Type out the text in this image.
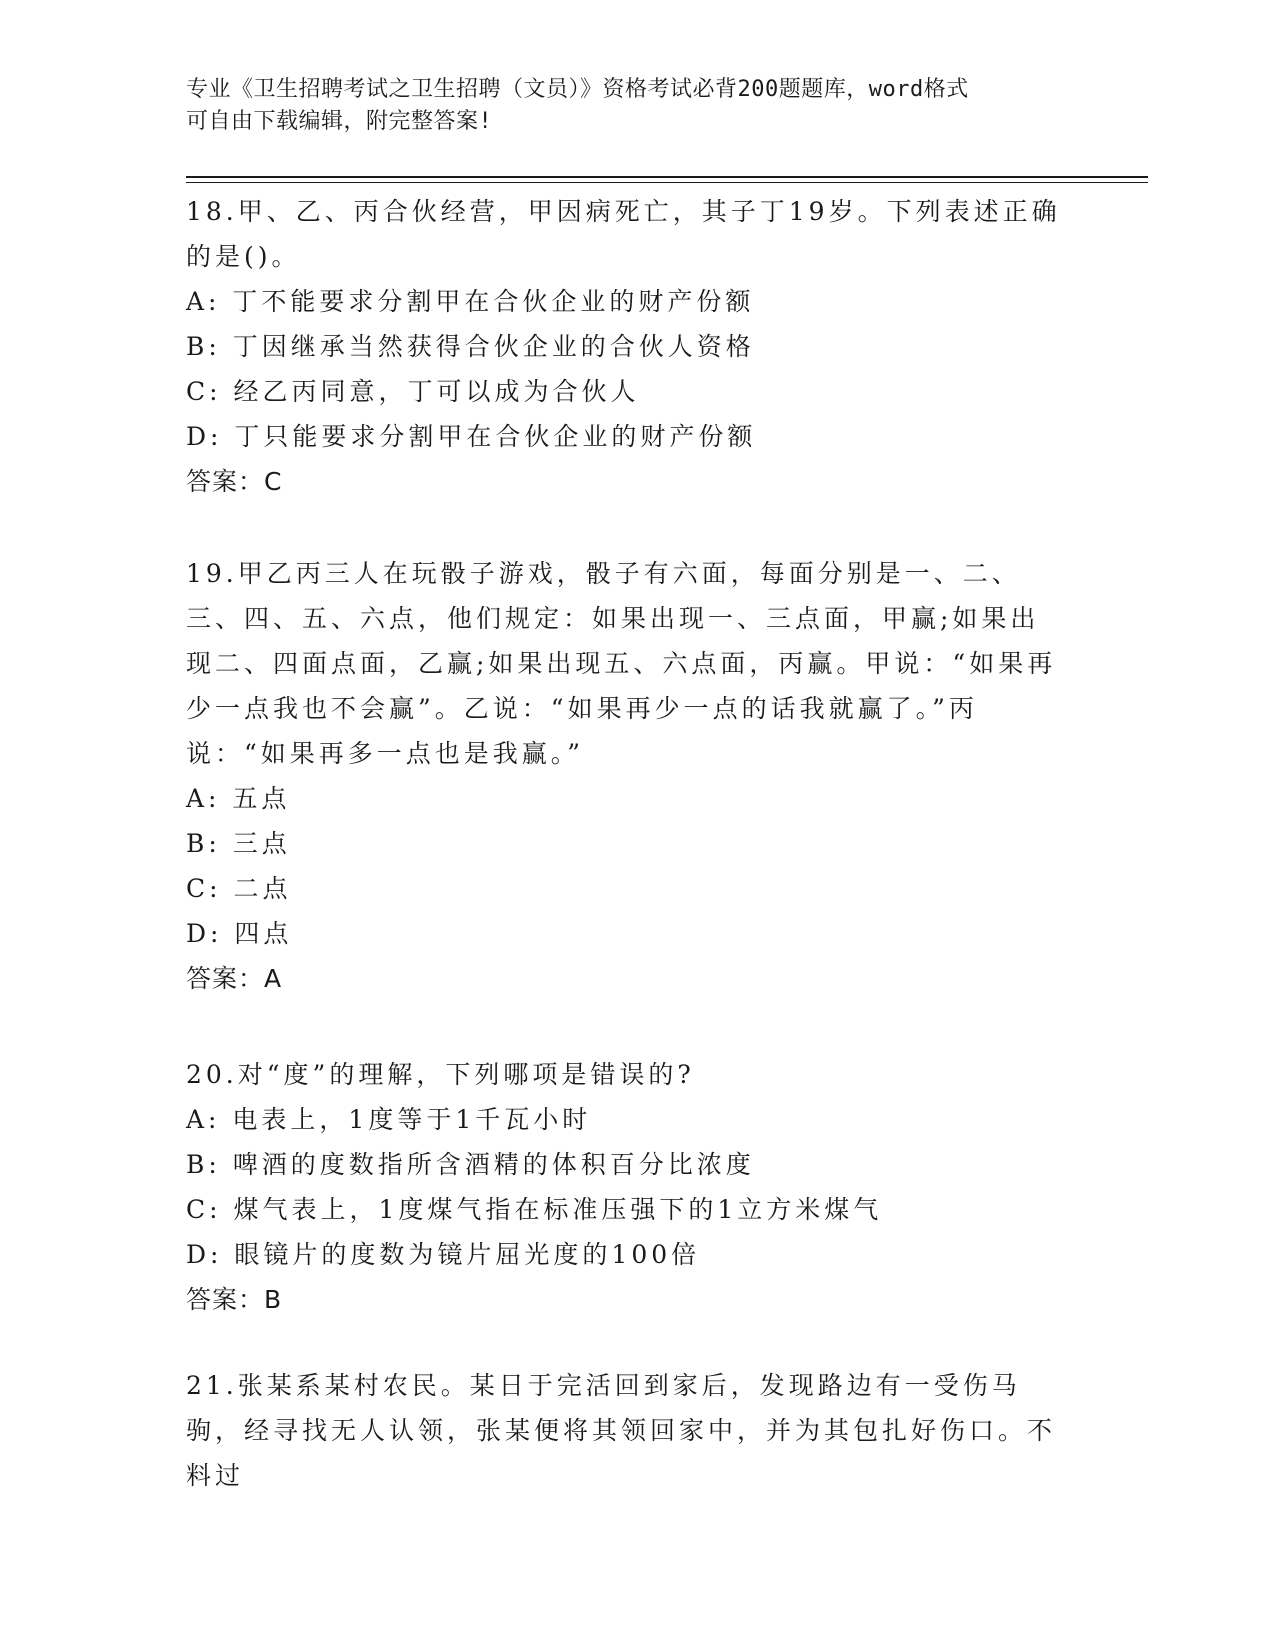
专业《卫生招聘考试之卫生招聘（文员）》资格考试必背200题题库，word格式
可自由下载编辑，附完整答案!
18.甲、乙、丙合伙经营，甲因病死亡，其子丁19岁。下列表述正确的是()。
A: 丁不能要求分割甲在合伙企业的财产份额
B: 丁因继承当然获得合伙企业的合伙人资格
C: 经乙丙同意，丁可以成为合伙人
D: 丁只能要求分割甲在合伙企业的财产份额
答案：C
19.甲乙丙三人在玩骰子游戏，骰子有六面，每面分别是一、二、三、四、五、六点，他们规定：如果出现一、三点面，甲赢;如果出现二、四面点面，乙赢;如果出现五、六点面，丙赢。甲说：“如果再少一点我也不会赢”。乙说：“如果再少一点的话我就赢了。”丙说：“如果再多一点也是我赢。”
A: 五点
B: 三点
C: 二点
D: 四点
答案：A
20.对“度”的理解，下列哪项是错误的?
A: 电表上，1度等于1千瓦小时
B: 啤酒的度数指所含酒精的体积百分比浓度
C: 煤气表上，1度煤气指在标准压强下的1立方米煤气
D: 眼镜片的度数为镜片屈光度的100倍
答案：B
21.张某系某村农民。某日于完活回到家后，发现路边有一受伤马驹，经寻找无人认领，张某便将其领回家中，并为其包扎好伤口。不料过
